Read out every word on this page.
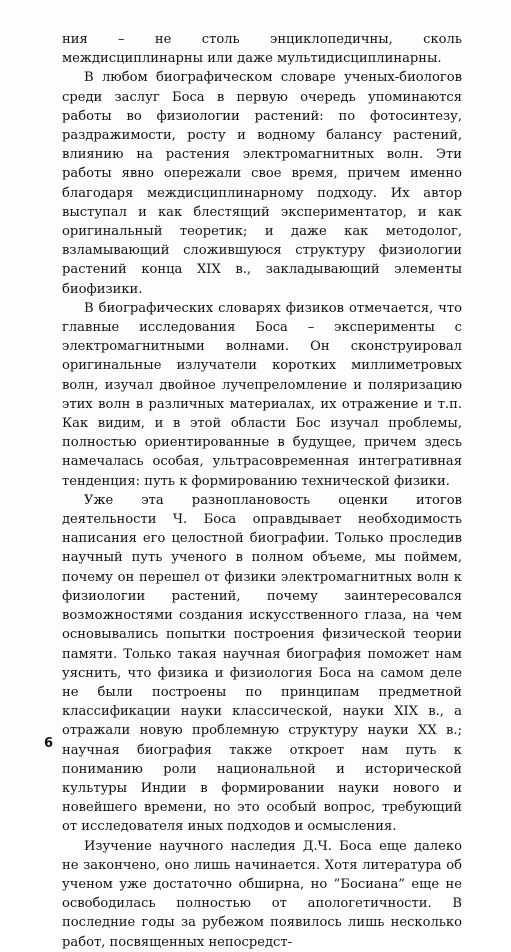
ния – не столь энциклопедичны, сколь междисциплинарны или даже мультидисциплинарны.

В любом биографическом словаре ученых-биологов среди заслуг Боса в первую очередь упоминаются работы во физиологии растений: по фотосинтезу, раздражимости, росту и водному балансу растений, влиянию на растения электромагнитных волн. Эти работы явно опережали свое время, причем именно благодаря междисциплинарному подходу. Их автор выступал и как блестящий экспериментатор, и как оригинальный теоретик; и даже как методолог, взламывающий сложившуюся структуру физиологии растений конца XIX в., закладывающий элементы биофизики.

В биографических словарях физиков отмечается, что главные исследования Боса – эксперименты с электромагнитными волнами. Он сконструировал оригинальные излучатели коротких миллиметровых волн, изучал двойное лучепреломление и поляризацию этих волн в различных материалах, их отражение и т.п. Как видим, и в этой области Бос изучал проблемы, полностью ориентированные в будущее, причем здесь намечалась особая, ультрасовременная интегративная тенденция: путь к формированию технической физики.

Уже эта разноплановость оценки итогов деятельности Ч. Боса оправдывает необходимость написания его целостной биографии. Только проследив научный путь ученого в полном объеме, мы поймем, почему он перешел от физики электромагнитных волн к физиологии растений, почему заинтересовался возможностями создания искусственного глаза, на чем основывались попытки построения физической теории памяти. Только такая научная биография поможет нам уяснить, что физика и физиология Боса на самом деле не были построены по принципам предметной классификации науки классической, науки XIX в., а отражали новую проблемную структуру науки XX в.; научная биография также откроет нам путь к пониманию роли национальной и исторической культуры Индии в формировании науки нового и новейшего времени, но это особый вопрос, требующий от исследователя иных подходов и осмысления.

Изучение научного наследия Д.Ч. Боса еще далеко не закончено, оно лишь начинается. Хотя литература об ученом уже достаточно обширна, но ”Босиана” еще не освободилась полностью от апологетичности. В последние годы за рубежом появилось лишь несколько работ, посвященных непосредст-

6
